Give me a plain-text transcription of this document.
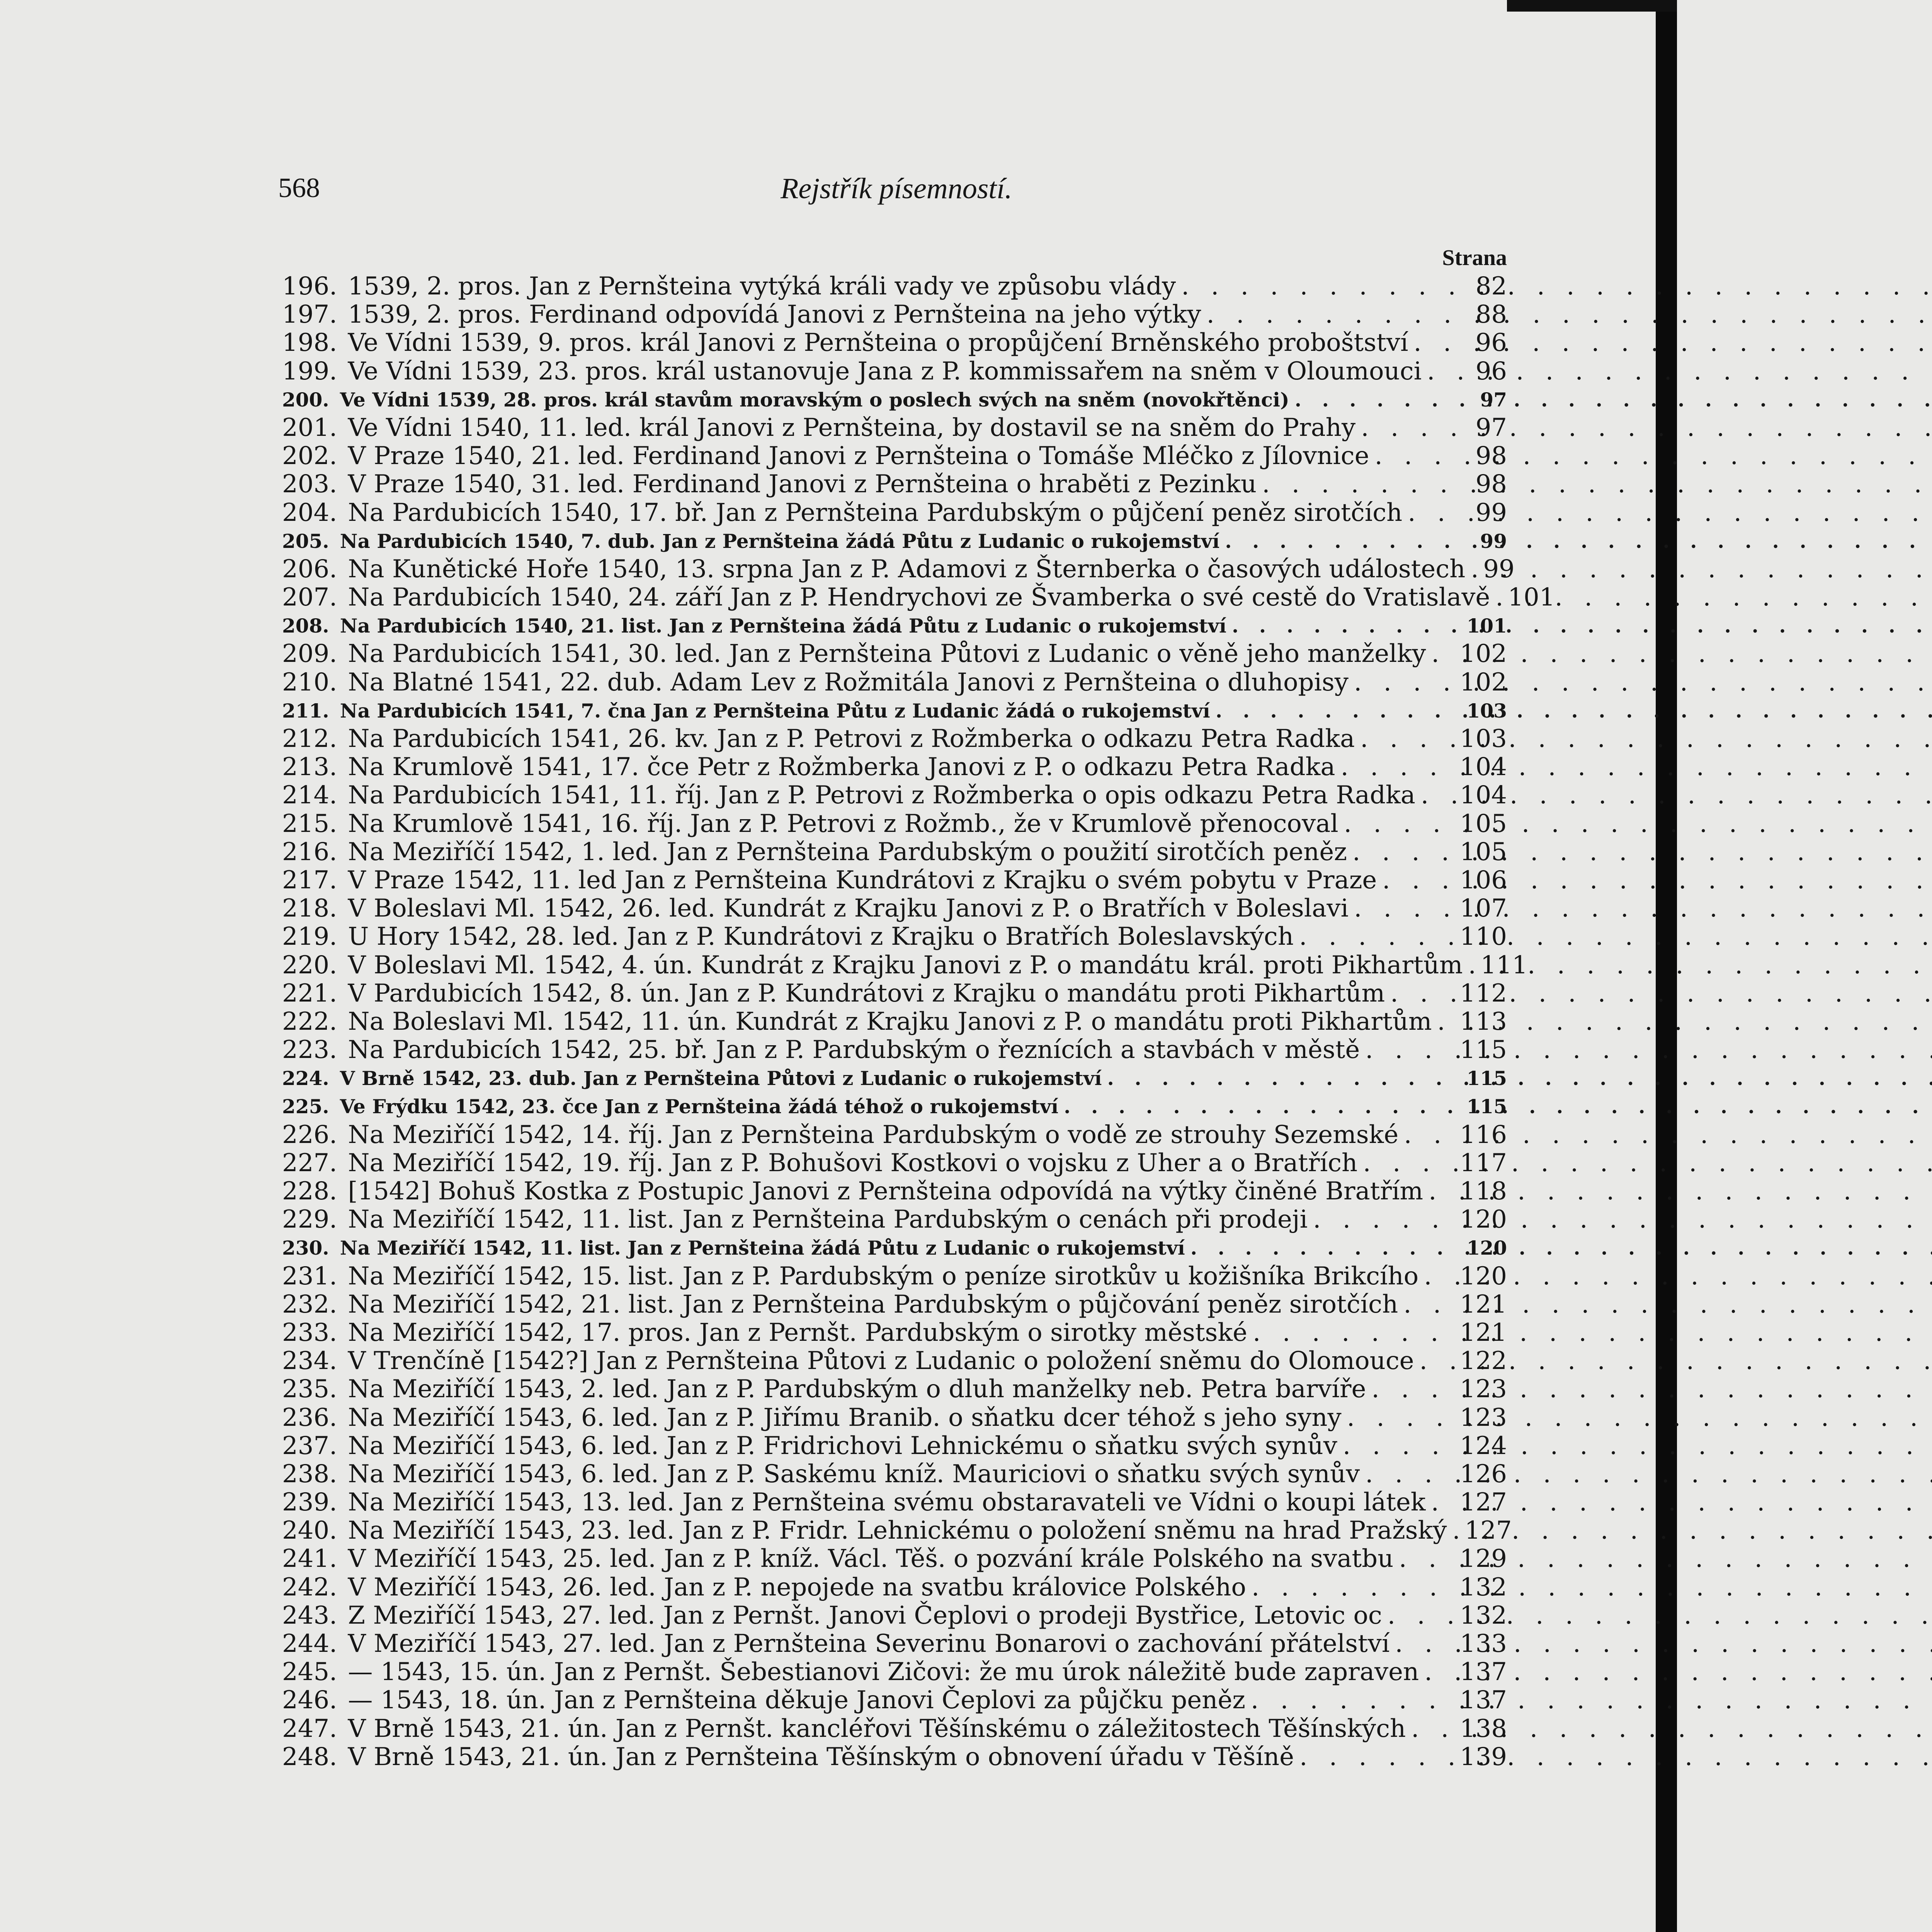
568	Rejstřík písemností.
Strana
196. 1539, 2. pros. Jan z Pernšteina vytýká králi vady ve způsobu vlády . . .	82
197. 1539, 2. pros. Ferdinand odpovídá Janovi z Pernšteina na jeho výtky . . .	88
198. Ve Vídni 1539, 9. pros. král Janovi z Pernšteina o propůjčení Brněnského proboštství . . .	96
199. Ve Vídni 1539, 23. pros. král ustanovuje Jana z P. kommissařem na sněm v Oloumouci . . . 96
200. Ve Vídni 1539, 28. pros. král stavům moravským o poslech svých na sněm (novokřtěnci) . . .	97
201. Ve Vídni 1540, 11. led. král Janovi z Pernšteina, by dostavil se na sněm do Prahy . . .	97
202. V Praze 1540, 21. led. Ferdinand Janovi z Pernšteina o Tomáše Mléčko z Jílovnice . . .	98
203. V Praze 1540, 31. led. Ferdinand Janovi z Pernšteina o hraběti z Pezinku . . .	98
204. Na Pardubicích 1540, 17. bř. Jan z Pernšteina Pardubským o půjčení peněz sirotčích . . .	99
205. Na Pardubicích 1540, 7. dub. Jan z Pernšteina žádá Půtu z Ludanic o rukojemství . . .	99
206. Na Kunětické Hoře 1540, 13. srpna Jan z P. Adamovi z Šternberka o časových událostech . . . 99
207. Na Pardubicích 1540, 24. září Jan z P. Hendrychovi ze Švamberka o své cestě do Vratislavě . . . 101
208. Na Pardubicích 1540, 21. list. Jan z Pernšteina žádá Půtu z Ludanic o rukojemství . . .	101
209. Na Pardubicích 1541, 30. led. Jan z Pernšteina Půtovi z Ludanic o věně jeho manželky . . . 102
210. Na Blatné 1541, 22. dub. Adam Lev z Rožmitála Janovi z Pernšteina o dluhopisy . . .	102
211. Na Pardubicích 1541, 7. čna Jan z Pernšteina Půtu z Ludanic žádá o rukojemství . . .	103
212. Na Pardubicích 1541, 26. kv. Jan z P. Petrovi z Rožmberka o odkazu Petra Radka . . .	103
213. Na Krumlově 1541, 17. čce Petr z Rožmberka Janovi z P. o odkazu Petra Radka . . .	104
214. Na Pardubicích 1541, 11. říj. Jan z P. Petrovi z Rožmberka o opis odkazu Petra Radka . . . 104
215. Na Krumlově 1541, 16. říj. Jan z P. Petrovi z Rožmb., že v Krumlově přenocoval . . .	105
216. Na Meziříčí 1542, 1. led. Jan z Pernšteina Pardubským o použití sirotčích peněz . . .	105
217. V Praze 1542, 11. led Jan z Pernšteina Kundrátovi z Krajku o svém pobytu v Praze . . .	106
218. V Boleslavi Ml. 1542, 26. led. Kundrát z Krajku Janovi z P. o Bratřích v Boleslavi . . .	107
219. U Hory 1542, 28. led. Jan z P. Kundrátovi z Krajku o Bratřích Boleslavských . . .	110
220. V Boleslavi Ml. 1542, 4. ún. Kundrát z Krajku Janovi z P. o mandátu král. proti Pikhartům . . . 111
221. V Pardubicích 1542, 8. ún. Jan z P. Kundrátovi z Krajku o mandátu proti Pikhartům . . .	112
222. Na Boleslavi Ml. 1542, 11. ún. Kundrát z Krajku Janovi z P. o mandátu proti Pikhartům . . . 113
223. Na Pardubicích 1542, 25. bř. Jan z P. Pardubským o řeznících a stavbách v městě . . .	115
224. V Brně 1542, 23. dub. Jan z Pernšteina Půtovi z Ludanic o rukojemství . . .	115
225. Ve Frýdku 1542, 23. čce Jan z Pernšteina žádá téhož o rukojemství . . .	115
226. Na Meziříčí 1542, 14. říj. Jan z Pernšteina Pardubským o vodě ze strouhy Sezemské . . . 116
227. Na Meziříčí 1542, 19. říj. Jan z P. Bohušovi Kostkovi o vojsku z Uher a o Bratřích . . .	117
228. [1542] Bohuš Kostka z Postupic Janovi z Pernšteina odpovídá na výtky činěné Bratřím . . . 118
229. Na Meziříčí 1542, 11. list. Jan z Pernšteina Pardubským o cenách při prodeji . . .	120
230. Na Meziříčí 1542, 11. list. Jan z Pernšteina žádá Půtu z Ludanic o rukojemství . . .	120
231. Na Meziříčí 1542, 15. list. Jan z P. Pardubským o peníze sirotkův u kožišníka Brikcího . . . 120
232. Na Meziříčí 1542, 21. list. Jan z Pernšteina Pardubským o půjčování peněz sirotčích . . . 121
233. Na Meziříčí 1542, 17. pros. Jan z Pernšt. Pardubským o sirotky městské . . .	121
234. V Trenčíně [1542?] Jan z Pernšteina Půtovi z Ludanic o položení sněmu do Olomouce . . . 122
235. Na Meziříčí 1543, 2. led. Jan z P. Pardubským o dluh manželky neb. Petra barvíře . . .	123
236. Na Meziříčí 1543, 6. led. Jan z P. Jiřímu Branib. o sňatku dcer téhož s jeho syny . . .	123
237. Na Meziříčí 1543, 6. led. Jan z P. Fridrichovi Lehnickému o sňatku svých synův . . .	124
238. Na Meziříčí 1543, 6. led. Jan z P. Saskému kníž. Mauriciovi o sňatku svých synův . . .	126
239. Na Meziříčí 1543, 13. led. Jan z Pernšteina svému obstaravateli ve Vídni o koupi látek . . . 127
240. Na Meziříčí 1543, 23. led. Jan z P. Fridr. Lehnickému o položení sněmu na hrad Pražský . . . 127
241. V Meziříčí 1543, 25. led. Jan z P. kníž. Václ. Těš. o pozvání krále Polského na svatbu . . .	129
242. V Meziříčí 1543, 26. led. Jan z P. nepojede na svatbu královice Polského . . .	132
243. Z Meziříčí 1543, 27. led. Jan z Pernšt. Janovi Čeplovi o prodeji Bystřice, Letovic oc . . .	132
244. V Meziříčí 1543, 27. led. Jan z Pernšteina Severinu Bonarovi o zachování přátelství . . .	133
245. — 1543, 15. ún. Jan z Pernšt. Šebestianovi Zičovi: že mu úrok náležitě bude zapraven . . . 137
246. — 1543, 18. ún. Jan z Pernšteina děkuje Janovi Čeplovi za půjčku peněz . . .	137
247. V Brně 1543, 21. ún. Jan z Pernšt. kancléřovi Těšínskému o záležitostech Těšínských . . . 138
248. V Brně 1543, 21. ún. Jan z Pernšteina Těšínským o obnovení úřadu v Těšíně . . .	139
